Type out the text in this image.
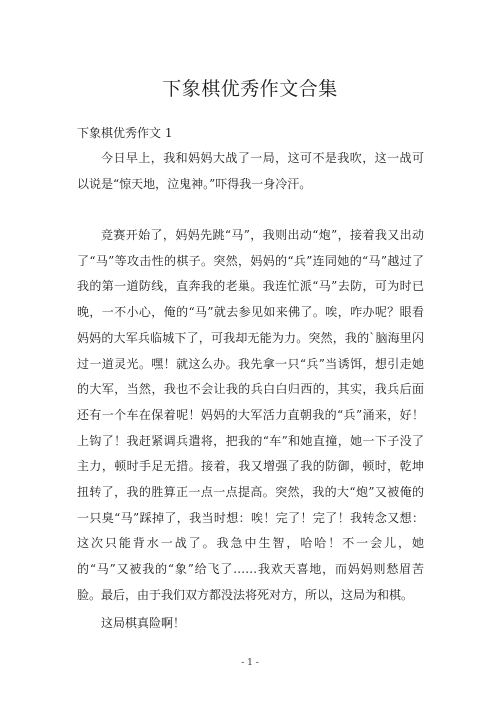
下象棋优秀作文合集
下象棋优秀作文 1

今日早上，我和妈妈大战了一局，这可不是我吹，这一战可以说是“惊天地，泣鬼神。”吓得我一身冷汗。

竞赛开始了，妈妈先跳“马”，我则出动“炮”，接着我又出动了“马”等攻击性的棋子。突然，妈妈的“兵”连同她的“马”越过了我的第一道防线，直奔我的老巢。我连忙派“马”去防，可为时已晚，一不小心，俺的“马”就去参见如来佛了。唉，咋办呢？眼看妈妈的大军兵临城下了，可我却无能为力。突然，我的`脑海里闪过一道灵光。嘿！就这么办。我先拿一只“兵”当诱饵，想引走她的大军，当然，我也不会让我的兵白白归西的，其实，我兵后面还有一个车在保着呢！妈妈的大军活力直朝我的“兵”涌来，好！上钩了！我赶紧调兵遣将，把我的“车”和她直撞，她一下子没了主力，顿时手足无措。接着，我又增强了我的防御，顿时，乾坤扭转了，我的胜算正一点一点提高。突然，我的大“炮”又被俺的一只臭“马”踩掉了，我当时想：唉！完了！完了！我转念又想：这次只能背水一战了。我急中生智，哈哈！不一会儿，她的“马”又被我的“象”给飞了……我欢天喜地，而妈妈则愁眉苦脸。最后，由于我们双方都没法将死对方，所以，这局为和棋。

这局棋真险啊！

- 1 -
